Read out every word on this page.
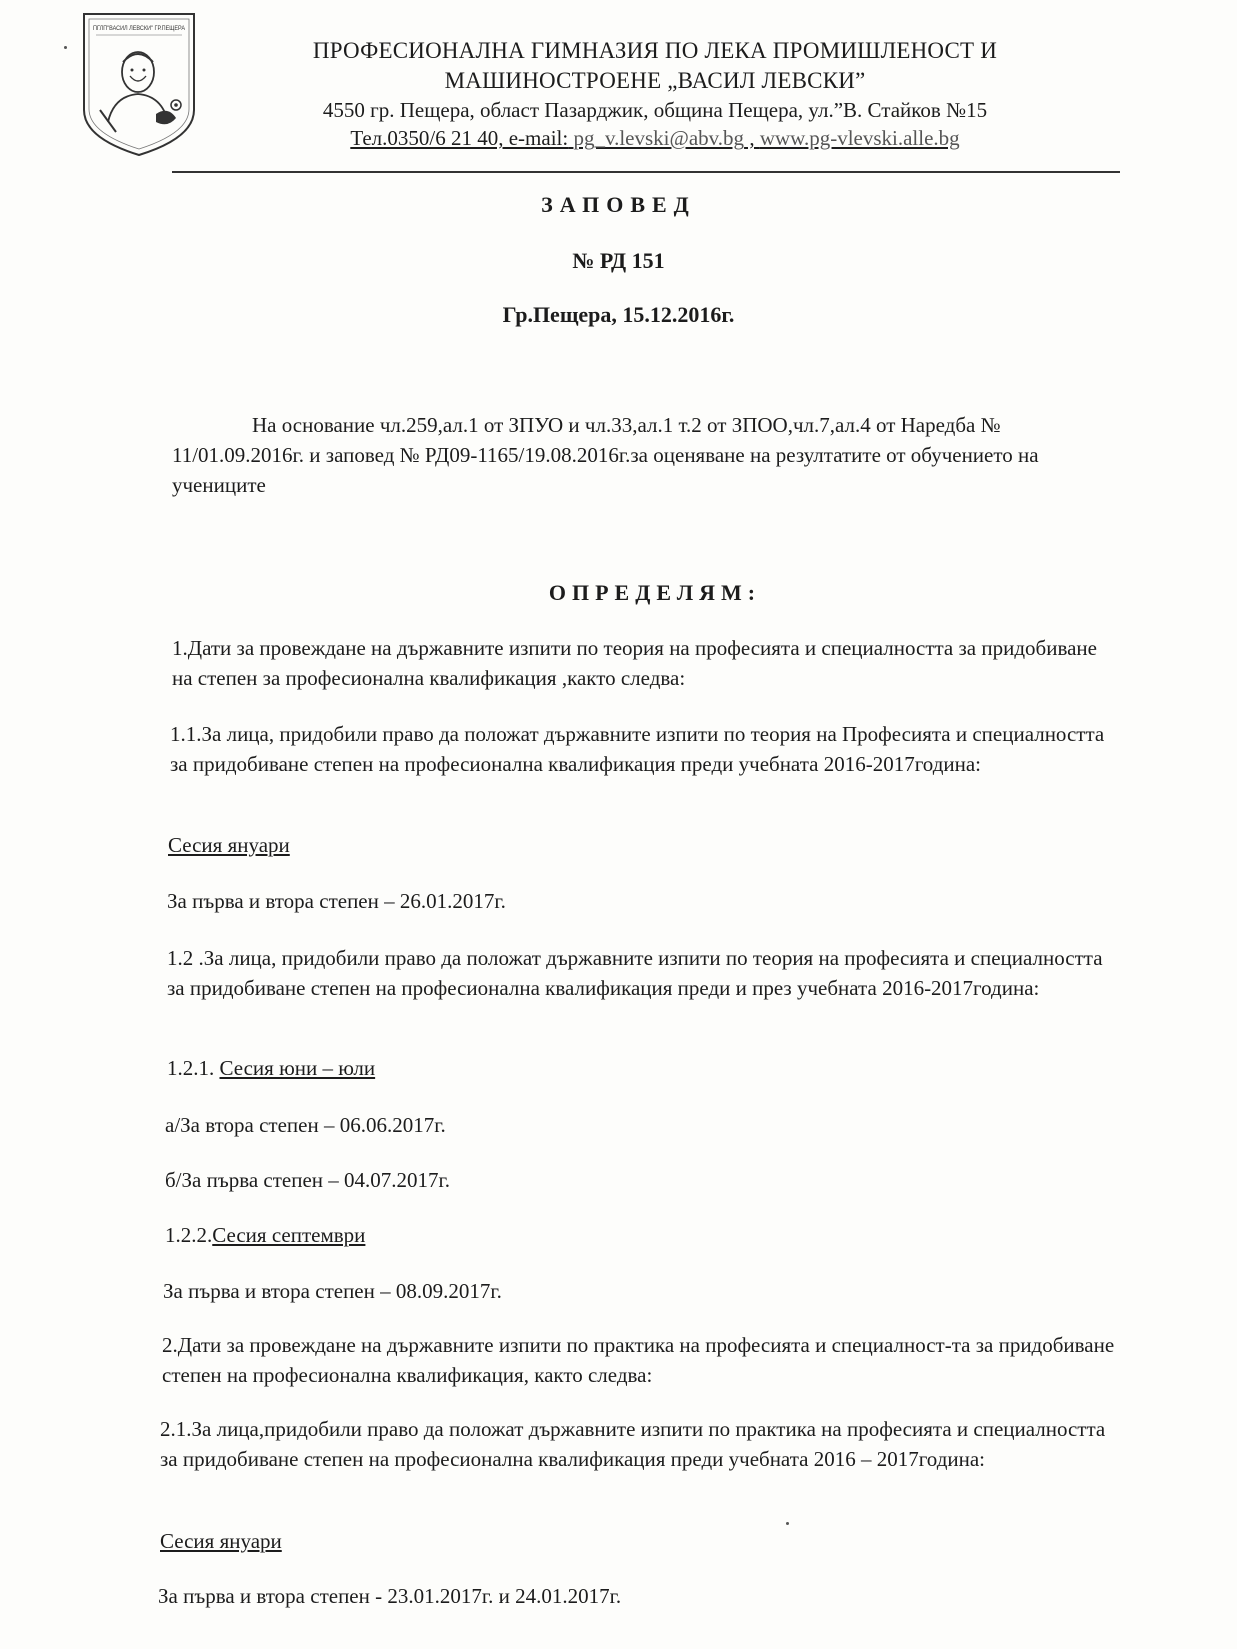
ПГЛП"ВАСИЛ ЛЕВСКИ" ГР.ПЕЩЕРА
ПРОФЕСИОНАЛНА ГИМНАЗИЯ ПО ЛЕКА ПРОМИШЛЕНОСТ И
МАШИНОСТРОЕНЕ „ВАСИЛ ЛЕВСКИ”
4550 гр. Пещера, област Пазарджик, община Пещера, ул.”В. Стайков №15
Тел.0350/6 21 40, e-mail: pg_v.levski@abv.bg , www.pg-vlevski.alle.bg
ЗАПОВЕД
№ РД 151
Гр.Пещера, 15.12.2016г.
На основание чл.259,ал.1 от ЗПУО и чл.33,ал.1 т.2 от ЗПОО,чл.7,ал.4 от Наредба № 11/01.09.2016г. и заповед № РД09-1165/19.08.2016г.за оценяване на резултатите от обучението на учениците
ОПРЕДЕЛЯМ:
1.Дати за провеждане на държавните изпити по теория на професията и специалността за придобиване на степен за професионална квалификация ,както следва:
1.1.За лица, придобили право да положат държавните изпити по теория на Професията и специалността за придобиване степен на професионална квалификация преди учебната 2016-2017година:
Сесия януари
За първа и втора степен – 26.01.2017г.
1.2 .За лица, придобили право да положат държавните изпити по теория на професията и специалността за придобиване степен на професионална квалификация преди и през учебната 2016-2017година:
1.2.1. Сесия юни – юли
а/За втора степен – 06.06.2017г.
б/За първа степен – 04.07.2017г.
1.2.2.Сесия септември
За първа и втора степен – 08.09.2017г.
2.Дати за провеждане на държавните изпити по практика на професията и специалност-та за придобиване степен на професионална квалификация, както следва:
2.1.За лица,придобили право да положат държавните изпити по практика на професията и специалността за придобиване степен на професионална квалификация преди учебната 2016 – 2017година:
Сесия януари
За първа и втора степен - 23.01.2017г. и 24.01.2017г.
